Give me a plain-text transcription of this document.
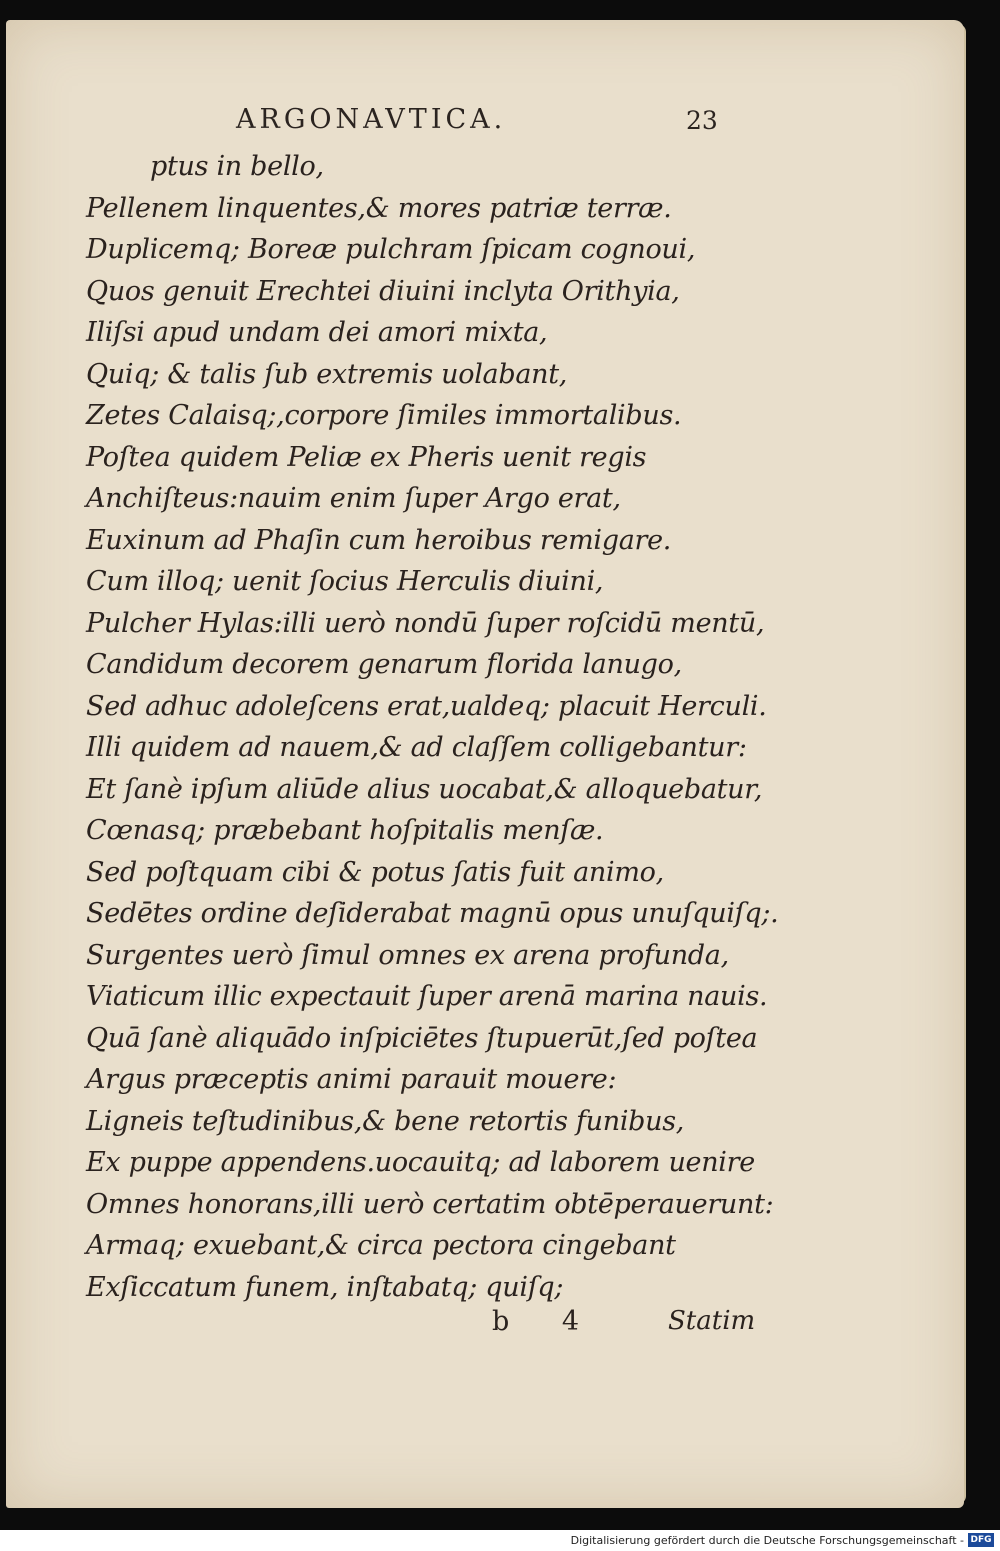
ARGONAVTICA.	23
ptus in bello,
Pellenem linquentes,& mores patriæ terræ.
Duplicemq; Boreæ pulchram ſpicam cognoui,
Quos genuit Erechtei diuini inclyta Orithyia,
Iliſsi apud undam dei amori mixta,
Quiq; & talis ſub extremis uolabant,
Zetes Calaisq;,corpore ſimiles immortalibus.
Poſtea quidem Peliæ ex Pheris uenit regis
Anchiſteus:nauim enim ſuper Argo erat,
Euxinum ad Phaſin cum heroibus remigare.
Cum illoq; uenit ſocius Herculis diuini,
Pulcher Hylas:illi uerò nondū ſuper roſcidū mentū,
Candidum decorem genarum florida lanugo,
Sed adhuc adoleſcens erat,ualdeq; placuit Herculi.
Illi quidem ad nauem,& ad claſſem colligebantur:
Et ſanè ipſum aliūde alius uocabat,& alloquebatur,
Cœnasq; præbebant hoſpitalis menſæ.
Sed poſtquam cibi & potus ſatis fuit animo,
Sedētes ordine deſiderabat magnū opus unuſquiſq;.
Surgentes uerò ſimul omnes ex arena profunda,
Viaticum illic expectauit ſuper arenā marina nauis.
Quā ſanè aliquādo inſpiciētes ſtupuerūt,ſed poſtea
Argus præceptis animi parauit mouere:
Ligneis teſtudinibus,& bene retortis funibus,
Ex puppe appendens.uocauitq; ad laborem uenire
Omnes honorans,illi uerò certatim obtēperauerunt:
Armaq; exuebant,& circa pectora cingebant
Exſiccatum funem, inſtabatq; quiſq;
b 4	Statim
Digitalisierung gefördert durch die Deutsche Forschungsgemeinschaft - DFG
